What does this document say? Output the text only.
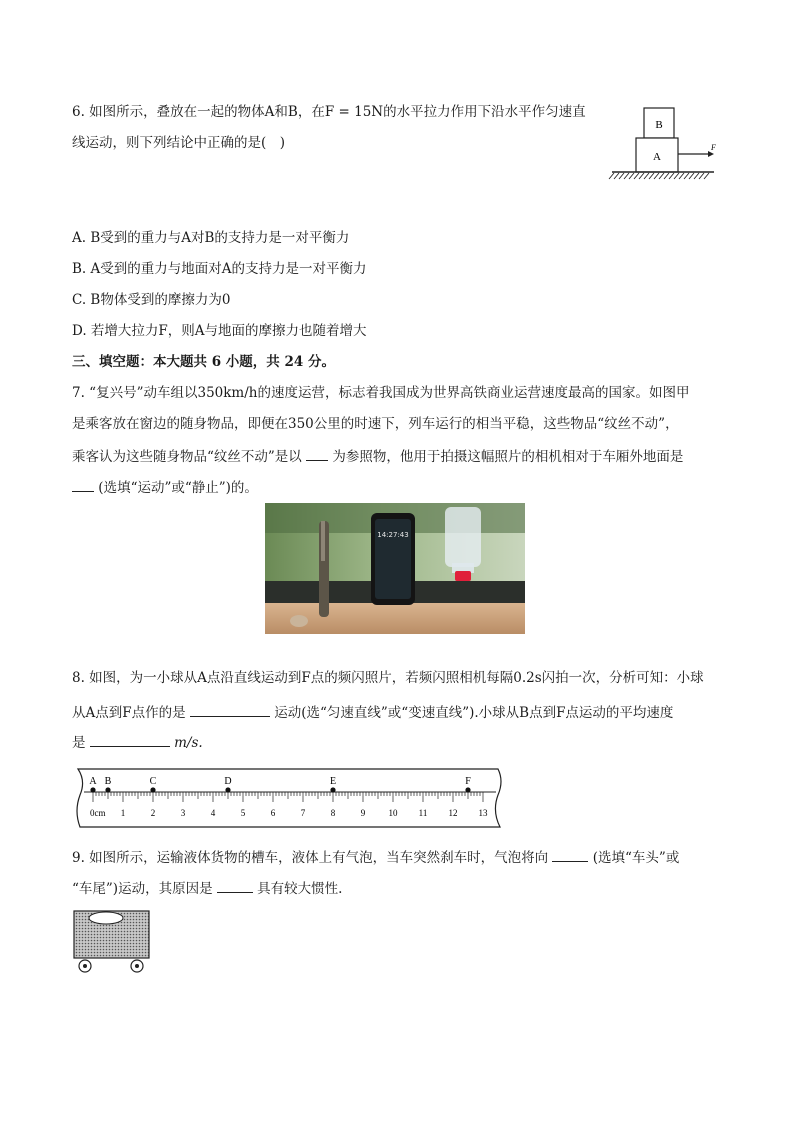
6. 如图所示，叠放在一起的物体A和B，在F = 15N的水平拉力作用下沿水平作匀速直
线运动，则下列结论中正确的是(　)
B
A
F
A. B受到的重力与A对B的支持力是一对平衡力
B. A受到的重力与地面对A的支持力是一对平衡力
C. B物体受到的摩擦力为0
D. 若增大拉力F，则A与地面的摩擦力也随着增大
三、填空题：本大题共 6 小题，共 24 分。
7. “复兴号”动车组以350km/h的速度运营，标志着我国成为世界高铁商业运营速度最高的国家。如图甲
是乘客放在窗边的随身物品，即便在350公里的时速下，列车运行的相当平稳，这些物品“纹丝不动”，
乘客认为这些随身物品“纹丝不动”是以 为参照物，他用于拍摄这幅照片的相机相对于车厢外地面是
(选填“运动”或“静止”)的。
14:27:43
8. 如图，为一小球从A点沿直线运动到F点的频闪照片，若频闪照相机每隔0.2s闪拍一次，分析可知：小球
从A点到F点作的是	运动(选“匀速直线”或“变速直线”).小球从B点到F点运动的平均速度
是	m/s.
0cm 1	2	3	4	5	6	7	8	9	10 11 12 13
A B	C	D	E	F
9. 如图所示，运输液体货物的槽车，液体上有气泡，当车突然刹车时，气泡将向	(选填“车头”或
“车尾”)运动，其原因是	具有较大惯性.
